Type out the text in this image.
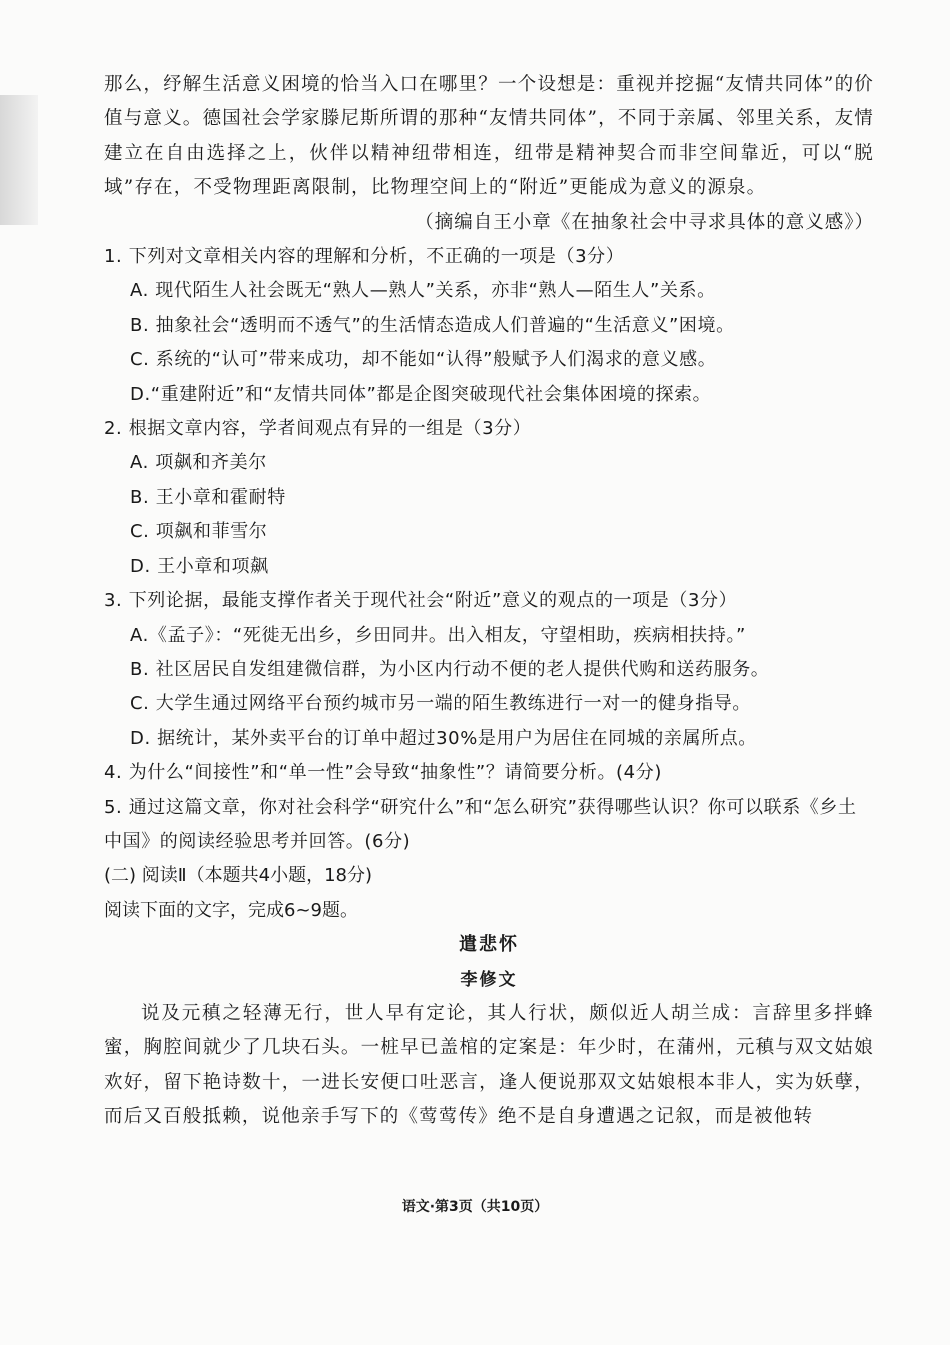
那么，纾解生活意义困境的恰当入口在哪里？一个设想是：重视并挖掘“友情共同体”的价值与意义。德国社会学家滕尼斯所谓的那种“友情共同体”，不同于亲属、邻里关系，友情建立在自由选择之上，伙伴以精神纽带相连，纽带是精神契合而非空间靠近，可以“脱域”存在，不受物理距离限制，比物理空间上的“附近”更能成为意义的源泉。

（摘编自王小章《在抽象社会中寻求具体的意义感》）

1. 下列对文章相关内容的理解和分析，不正确的一项是（3分）

A. 现代陌生人社会既无“熟人—熟人”关系，亦非“熟人—陌生人”关系。

B. 抽象社会“透明而不透气”的生活情态造成人们普遍的“生活意义”困境。

C. 系统的“认可”带来成功，却不能如“认得”般赋予人们渴求的意义感。

D.“重建附近”和“友情共同体”都是企图突破现代社会集体困境的探索。

2. 根据文章内容，学者间观点有异的一组是（3分）

A. 项飙和齐美尔

B. 王小章和霍耐特

C. 项飙和菲雪尔

D. 王小章和项飙

3. 下列论据，最能支撑作者关于现代社会“附近”意义的观点的一项是（3分）

A.《孟子》：“死徙无出乡，乡田同井。出入相友，守望相助，疾病相扶持。”

B. 社区居民自发组建微信群，为小区内行动不便的老人提供代购和送药服务。

C. 大学生通过网络平台预约城市另一端的陌生教练进行一对一的健身指导。

D. 据统计，某外卖平台的订单中超过30%是用户为居住在同城的亲属所点。

4. 为什么“间接性”和“单一性”会导致“抽象性”？请简要分析。(4分)

5. 通过这篇文章，你对社会科学“研究什么”和“怎么研究”获得哪些认识？你可以联系《乡土中国》的阅读经验思考并回答。(6分)

(二) 阅读Ⅱ（本题共4小题，18分)

阅读下面的文字，完成6~9题。

遣悲怀

李修文

说及元稹之轻薄无行，世人早有定论，其人行状，颇似近人胡兰成：言辞里多拌蜂蜜，胸腔间就少了几块石头。一桩早已盖棺的定案是：年少时，在蒲州，元稹与双文姑娘欢好，留下艳诗数十，一进长安便口吐恶言，逢人便说那双文姑娘根本非人，实为妖孽，而后又百般抵赖，说他亲手写下的《莺莺传》绝不是自身遭遇之记叙，而是被他转

语文·第3页（共10页）
